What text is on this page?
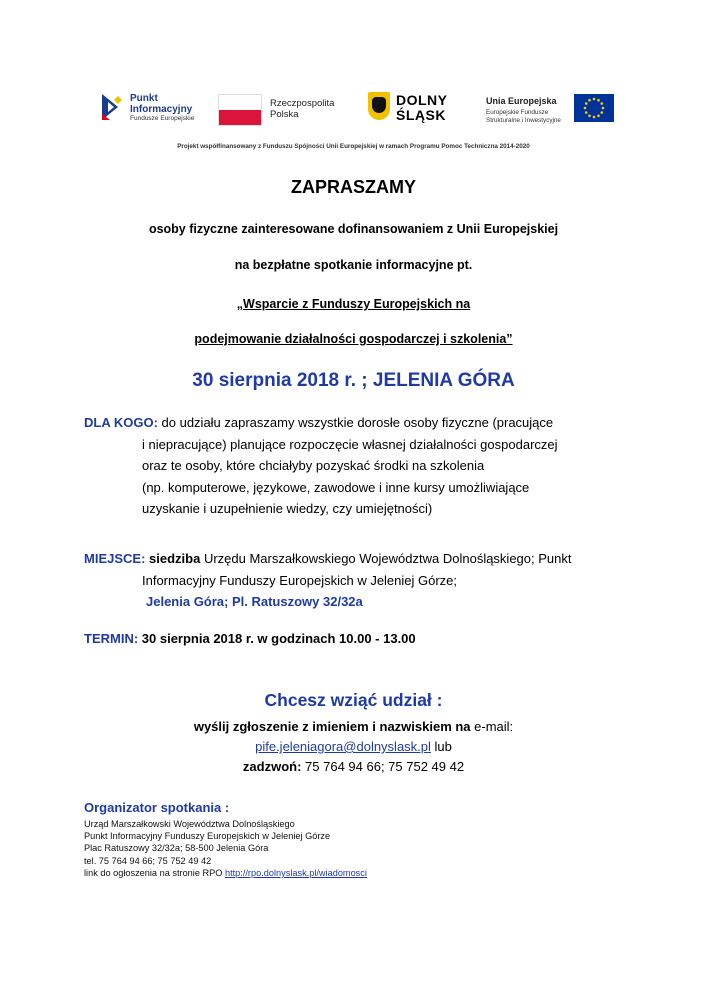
Punkt
Informacyjny
Fundusze Europejskie
Rzeczpospolita
Polska
DOLNY
ŚLĄSK
Unia Europejska
Europejskie Fundusze
Strukturalne i Inwestycyjne
Projekt współfinansowany z Funduszu Spójności Unii Europejskiej w ramach Programu Pomoc Techniczna 2014-2020
ZAPRASZAMY
osoby fizyczne zainteresowane dofinansowaniem z Unii Europejskiej
na bezpłatne spotkanie informacyjne pt.
„Wsparcie z Funduszy Europejskich na
podejmowanie działalności gospodarczej i szkolenia”
30 sierpnia 2018 r. ; JELENIA GÓRA
DLA KOGO: do udziału zapraszamy wszystkie dorosłe osoby fizyczne (pracujące
i niepracujące) planujące rozpoczęcie własnej działalności gospodarczej
oraz te osoby, które chciałyby pozyskać środki na szkolenia
(np. komputerowe, językowe, zawodowe i inne kursy umożliwiające
uzyskanie i uzupełnienie wiedzy, czy umiejętności)
MIEJSCE: siedziba Urzędu Marszałkowskiego Województwa Dolnośląskiego; Punkt
Informacyjny Funduszy Europejskich w Jeleniej Górze;
Jelenia Góra; Pl. Ratuszowy 32/32a
TERMIN: 30 sierpnia 2018 r. w godzinach 10.00 - 13.00
Chcesz wziąć udział :
wyślij zgłoszenie z imieniem i nazwiskiem na e-mail:
pife.jeleniagora@dolnyslask.pl lub
zadzwoń: 75 764 94 66; 75 752 49 42
Organizator spotkania :
Urząd Marszałkowski Województwa Dolnośląskiego
Punkt Informacyjny Funduszy Europejskich w Jeleniej Górze
Plac Ratuszowy 32/32a; 58-500 Jelenia Góra
tel. 75 764 94 66; 75 752 49 42
link do ogłoszenia na stronie RPO http://rpo.dolnyslask.pl/wiadomosci
